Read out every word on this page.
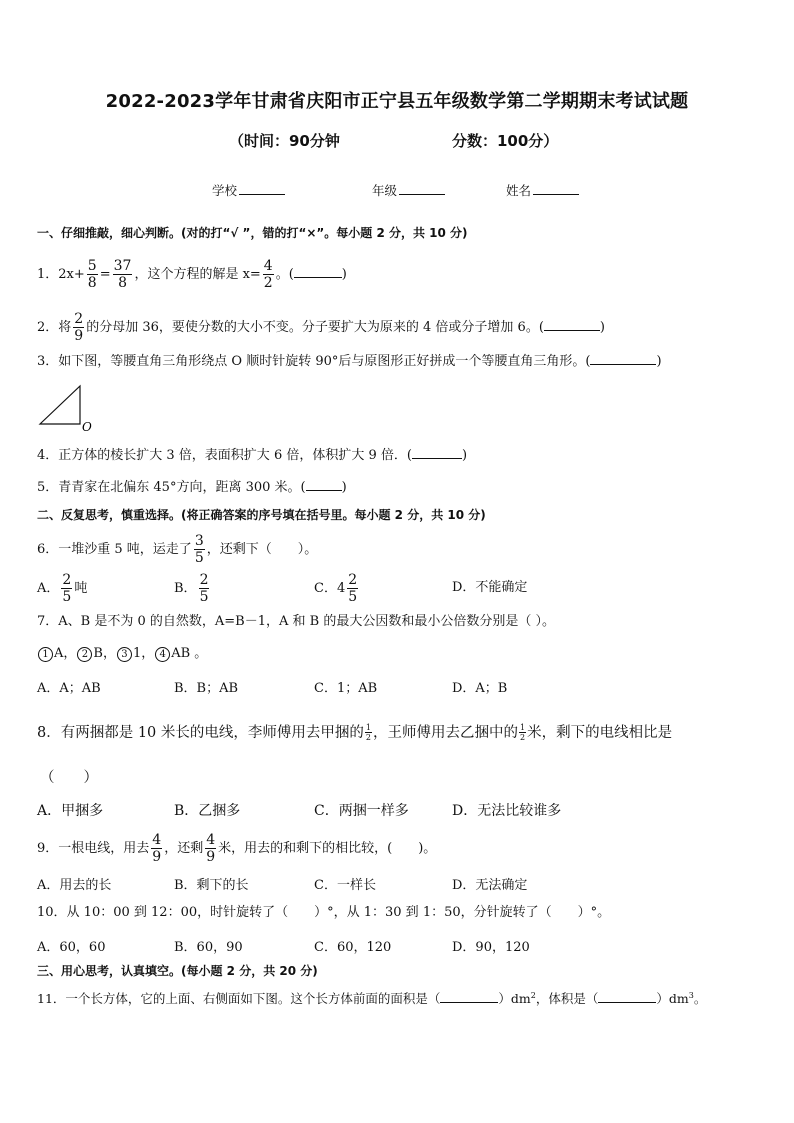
2022-2023学年甘肃省庆阳市正宁县五年级数学第二学期期末考试试题
（时间：90分钟	分数：100分）
学校	年级	姓名
一、仔细推敲，细心判断。(对的打“√ ”，错的打“×”。每小题 2 分，共 10 分)
1．$2x+ \frac{5}{8} = \frac{37}{8}$ ，这个方程的解是 $x= \frac{4}{2}$ 。(	)
2．将 $\frac{2}{9}$ 的分母加 36，要使分数的大小不变。分子要扩大为原来的 4 倍或分子增加 6。(	)
3．如下图，等腰直角三角形绕点 O 顺时针旋转 90°后与原图形正好拼成一个等腰直角三角形。(	)
O
4．正方体的棱长扩大 3 倍，表面积扩大 6 倍，体积扩大 9 倍．(	)
5．青青家在北偏东 45°方向，距离 300 米。(	)
二、反复思考，慎重选择。(将正确答案的序号填在括号里。每小题 2 分，共 10 分)
6．一堆沙重 5 吨，运走了 $\frac{3}{5}$ ，还剩下（　　）。
A． $\frac{2}{5}$ 吨	B． $\frac{2}{5}$	C．$4 \frac{2}{5}$	D．不能确定
7．A、B 是不为 0 的自然数，A=B－1，A 和 B 的最大公因数和最小公倍数分别是（ ）。
1 A， 2 B， 3 1， 4 AB 。
A．A；AB	B．B；AB	C．1；AB	D．A；B
8．有两捆都是 10 米长的电线，李师傅用去甲捆的 $\frac{1}{2}$ ，王师傅用去乙捆中的 $\frac{1}{2}$ 米，剩下的电线相比是
（　　）
A．甲捆多	B．乙捆多	C．两捆一样多	D．无法比较谁多
9．一根电线，用去 $\frac{4}{9}$ ，还剩 $\frac{4}{9}$ 米，用去的和剩下的相比较，(　　)。
A．用去的长	B．剩下的长	C．一样长	D．无法确定
10．从 10：00 到 12：00，时针旋转了（　　）°，从 1：30 到 1：50，分针旋转了（　　）°。
A．60，60	B．60，90	C．60，120	D．90，120
三、用心思考，认真填空。(每小题 2 分，共 20 分)
11．一个长方体，它的上面、右侧面如下图。这个长方体前面的面积是（	）$dm^2$，体积是（	）$dm^3$。
